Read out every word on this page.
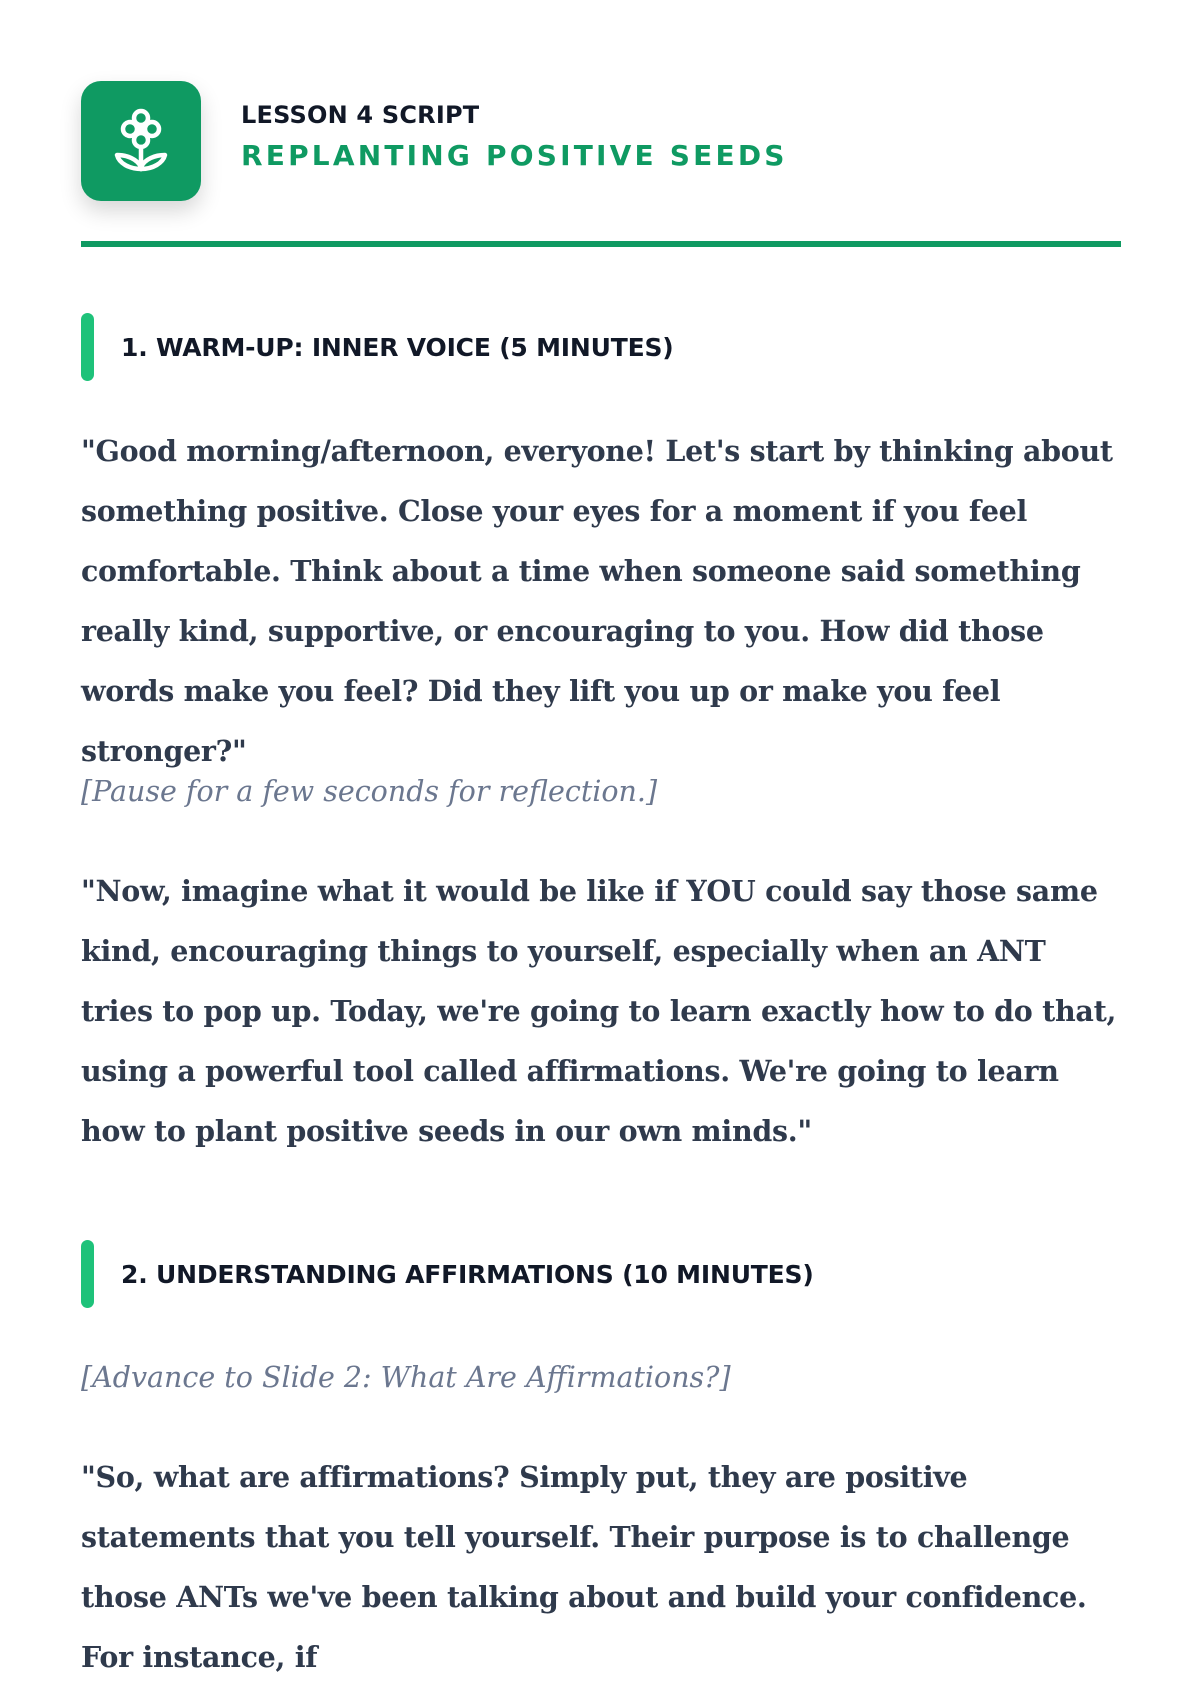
LESSON 4 SCRIPT
REPLANTING POSITIVE SEEDS
1. WARM-UP: INNER VOICE (5 MINUTES)

"Good morning/afternoon, everyone! Let's start by thinking about something positive. Close your eyes for a moment if you feel comfortable. Think about a time when someone said something really kind, supportive, or encouraging to you. How did those words make you feel? Did they lift you up or make you feel stronger?"

[Pause for a few seconds for reflection.]

"Now, imagine what it would be like if YOU could say those same kind, encouraging things to yourself, especially when an ANT tries to pop up. Today, we're going to learn exactly how to do that, using a powerful tool called affirmations. We're going to learn how to plant positive seeds in our own minds."

2. UNDERSTANDING AFFIRMATIONS (10 MINUTES)

[Advance to Slide 2: What Are Affirmations?]

"So, what are affirmations? Simply put, they are positive statements that you tell yourself. Their purpose is to challenge those ANTs we've been talking about and build your confidence. For instance, if
